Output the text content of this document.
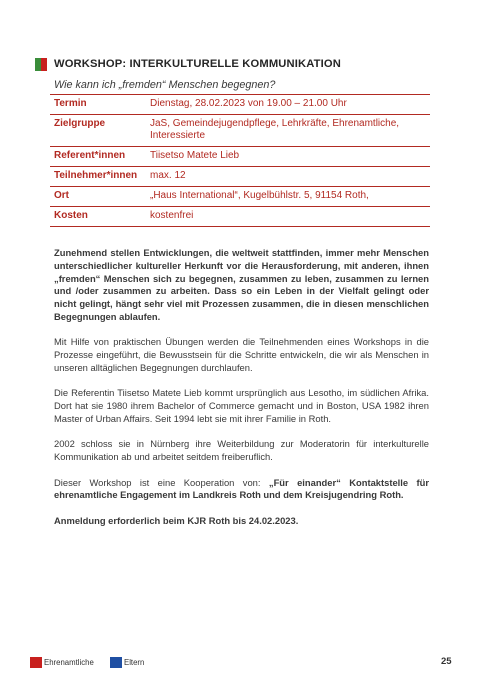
WORKSHOP: INTERKULTURELLE KOMMUNIKATION
Wie kann ich „fremden“ Menschen begegnen?
Termin	Dienstag, 28.02.2023 von 19.00 – 21.00 Uhr
Zielgruppe	JaS, Gemeindejugendpflege, Lehrkräfte, Ehrenamtliche, Interessierte
Referent*innen	Tiisetso Matete Lieb
Teilnehmer*innen	max. 12
Ort	„Haus International“, Kugelbühlstr. 5, 91154 Roth,
Kosten	kostenfrei

Zunehmend stellen Entwicklungen, die weltweit stattfinden, immer mehr Menschen unterschiedlicher kultureller Herkunft vor die Herausforderung, mit anderen, ihnen „fremden“ Menschen sich zu begegnen, zusammen zu leben, zusammen zu lernen und /oder zusammen zu arbeiten. Dass so ein Leben in der Vielfalt gelingt oder nicht gelingt, hängt sehr viel mit Prozessen zusammen, die in diesen menschlichen Begegnungen ablaufen.

Mit Hilfe von praktischen Übungen werden die Teilnehmenden eines Workshops in die Prozesse eingeführt, die Bewusstsein für die Schritte entwickeln, die wir als Menschen in unseren alltäglichen Begegnungen durchlaufen.

Die Referentin Tiisetso Matete Lieb kommt ursprünglich aus Lesotho, im südlichen Afrika. Dort hat sie 1980 ihrem Bachelor of Commerce gemacht und in Boston, USA 1982 ihren Master of Urban Affairs. Seit 1994 lebt sie mit ihrer Familie in Roth.

2002 schloss sie in Nürnberg ihre Weiterbildung zur Moderatorin für interkulturelle Kommunikation ab und arbeitet seitdem freiberuflich.

Dieser Workshop ist eine Kooperation von: „Für einander“ Kontaktstelle für ehrenamtliche Engagement im Landkreis Roth und dem Kreisjugendring Roth.

Anmeldung erforderlich beim KJR Roth bis 24.02.2023.

Ehrenamtliche	Eltern	25
